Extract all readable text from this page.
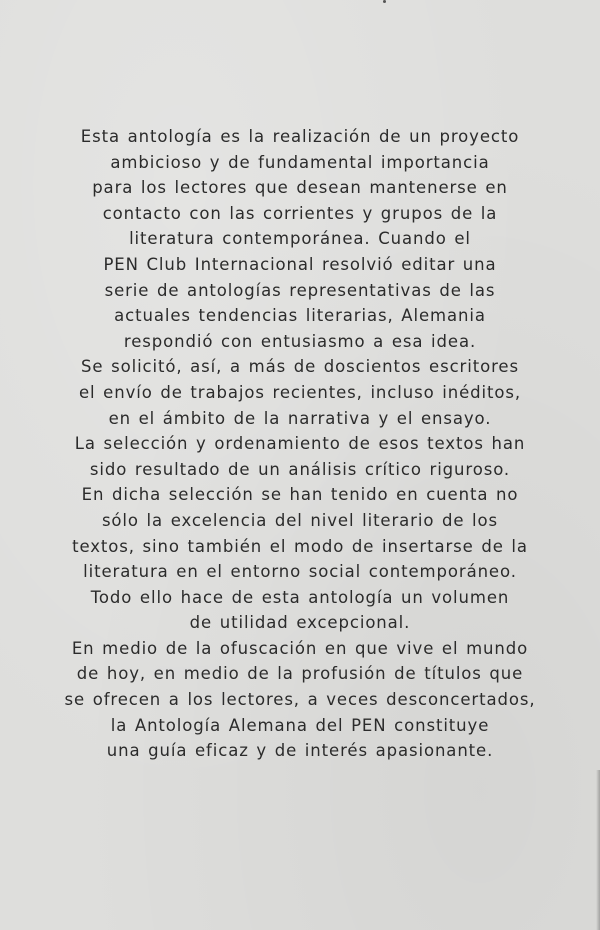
Esta antología es la realización de un proyecto
ambicioso y de fundamental importancia
para los lectores que desean mantenerse en
contacto con las corrientes y grupos de la
literatura contemporánea. Cuando el
PEN Club Internacional resolvió editar una
serie de antologías representativas de las
actuales tendencias literarias, Alemania
respondió con entusiasmo a esa idea.
Se solicitó, así, a más de doscientos escritores
el envío de trabajos recientes, incluso inéditos,
en el ámbito de la narrativa y el ensayo.
La selección y ordenamiento de esos textos han
sido resultado de un análisis crítico riguroso.
En dicha selección se han tenido en cuenta no
sólo la excelencia del nivel literario de los
textos, sino también el modo de insertarse de la
literatura en el entorno social contemporáneo.
Todo ello hace de esta antología un volumen
de utilidad excepcional.
En medio de la ofuscación en que vive el mundo
de hoy, en medio de la profusión de títulos que
se ofrecen a los lectores, a veces desconcertados,
la Antología Alemana del PEN constituye
una guía eficaz y de interés apasionante.
